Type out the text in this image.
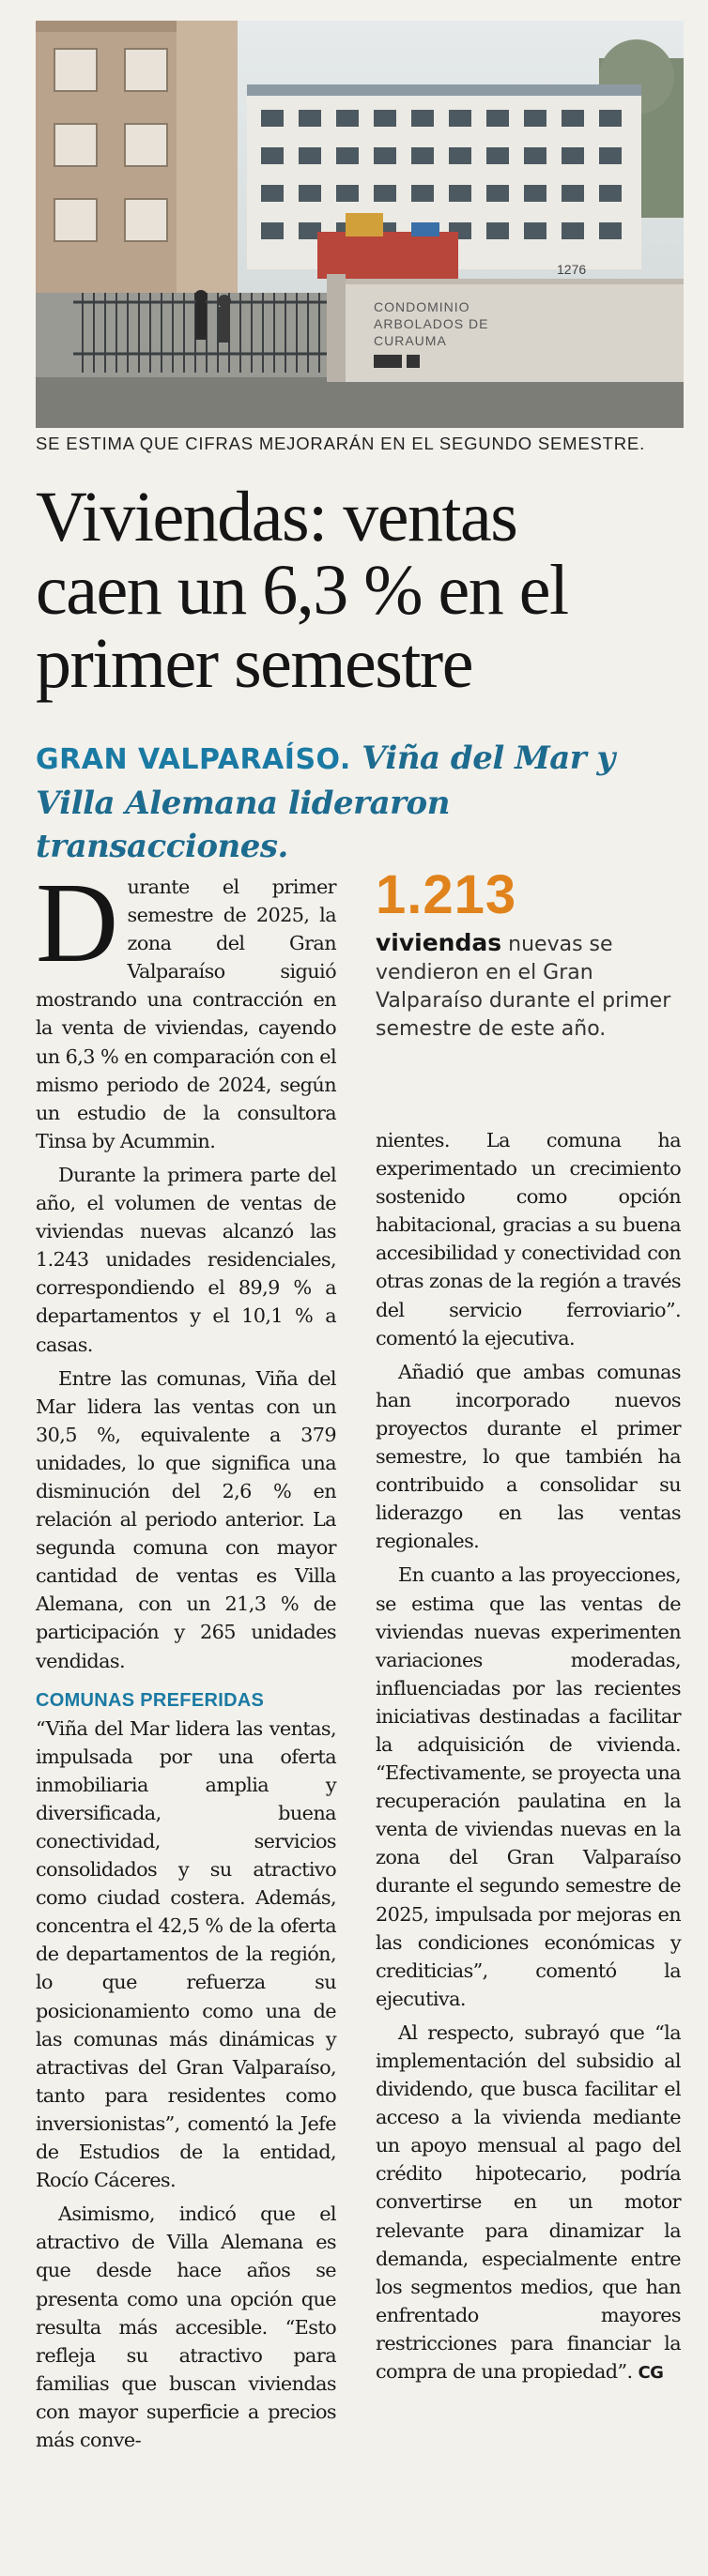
1276
CONDOMINIO
ARBOLADOS DE
CURAUMA
SE ESTIMA QUE CIFRAS MEJORARÁN EN EL SEGUNDO SEMESTRE.
Viviendas: ventas
caen un 6,3 % en el
primer semestre
GRAN VALPARAÍSO. Viña del Mar y Villa Alemana lideraron transacciones.

Durante el primer semestre de 2025, la zona del Gran Valparaíso siguió mostrando una contracción en la venta de viviendas, cayendo un 6,3 % en comparación con el mismo periodo de 2024, según un estudio de la consultora Tinsa by Acummin.

Durante la primera parte del año, el volumen de ventas de viviendas nuevas alcanzó las 1.243 unidades residenciales, correspondiendo el 89,9 % a departamentos y el 10,1 % a casas.

Entre las comunas, Viña del Mar lidera las ventas con un 30,5 %, equivalente a 379 unidades, lo que significa una disminución del 2,6 % en relación al periodo anterior. La segunda comuna con mayor cantidad de ventas es Villa Alemana, con un 21,3 % de participación y 265 unidades vendidas.

COMUNAS PREFERIDAS

“Viña del Mar lidera las ventas, impulsada por una oferta inmobiliaria amplia y diversificada, buena conectividad, servicios consolidados y su atractivo como ciudad costera. Además, concentra el 42,5 % de la oferta de departamentos de la región, lo que refuerza su posicionamiento como una de las comunas más dinámicas y atractivas del Gran Valparaíso, tanto para residentes como inversionistas”, comentó la Jefe de Estudios de la entidad, Rocío Cáceres.

Asimismo, indicó que el atractivo de Villa Alemana es que desde hace años se presenta como una opción que resulta más accesible. “Esto refleja su atractivo para familias que buscan viviendas con mayor superficie a precios más conve-

1.213
viviendas nuevas se vendieron en el Gran Valparaíso durante el primer semestre de este año.

nientes. La comuna ha experimentado un crecimiento sostenido como opción habitacional, gracias a su buena accesibilidad y conectividad con otras zonas de la región a través del servicio ferroviario”. comentó la ejecutiva.

Añadió que ambas comunas han incorporado nuevos proyectos durante el primer semestre, lo que también ha contribuido a consolidar su liderazgo en las ventas regionales.

En cuanto a las proyecciones, se estima que las ventas de viviendas nuevas experimenten variaciones moderadas, influenciadas por las recientes iniciativas destinadas a facilitar la adquisición de vivienda. “Efectivamente, se proyecta una recuperación paulatina en la venta de viviendas nuevas en la zona del Gran Valparaíso durante el segundo semestre de 2025, impulsada por mejoras en las condiciones económicas y crediticias”, comentó la ejecutiva.

Al respecto, subrayó que “la implementación del subsidio al dividendo, que busca facilitar el acceso a la vivienda mediante un apoyo mensual al pago del crédito hipotecario, podría convertirse en un motor relevante para dinamizar la demanda, especialmente entre los segmentos medios, que han enfrentado mayores restricciones para financiar la compra de una propiedad”. CG
